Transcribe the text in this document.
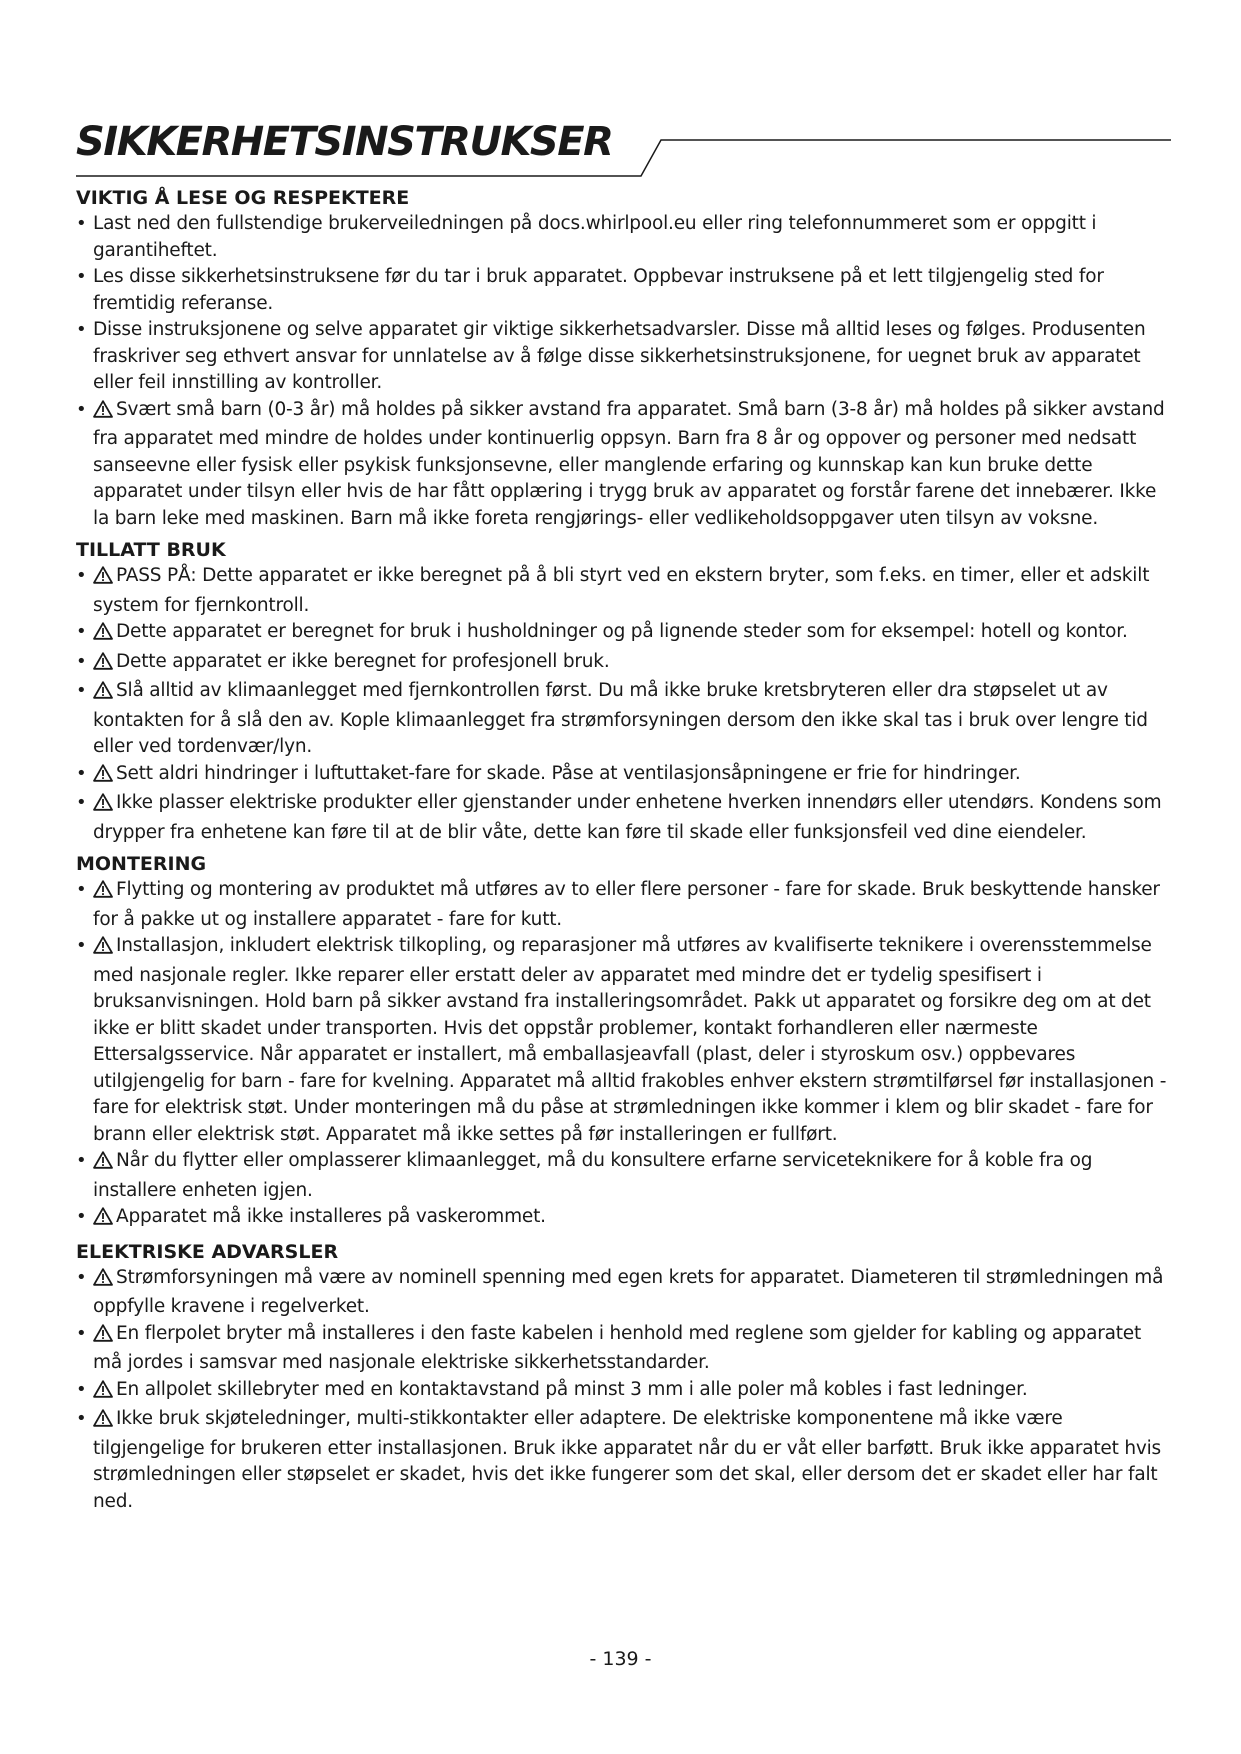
SIKKERHETSINSTRUKSER
VIKTIG Å LESE OG RESPEKTERE
• Last ned den fullstendige brukerveiledningen på docs.whirlpool.eu eller ring telefonnummeret som er oppgitt i garantiheftet.
• Les disse sikkerhetsinstruksene før du tar i bruk apparatet. Oppbevar instruksene på et lett tilgjengelig sted for fremtidig referanse.
• Disse instruksjonene og selve apparatet gir viktige sikkerhetsadvarsler. Disse må alltid leses og følges. Produsenten fraskriver seg ethvert ansvar for unnlatelse av å følge disse sikkerhetsinstruksjonene, for uegnet bruk av apparatet eller feil innstilling av kontroller.
• Svært små barn (0-3 år) må holdes på sikker avstand fra apparatet. Små barn (3-8 år) må holdes på sikker avstand fra apparatet med mindre de holdes under kontinuerlig oppsyn. Barn fra 8 år og oppover og personer med nedsatt sanseevne eller fysisk eller psykisk funksjonsevne, eller manglende erfaring og kunnskap kan kun bruke dette apparatet under tilsyn eller hvis de har fått opplæring i trygg bruk av apparatet og forstår farene det innebærer. Ikke la barn leke med maskinen. Barn må ikke foreta rengjørings- eller vedlikeholdsoppgaver uten tilsyn av voksne.
TILLATT BRUK
• PASS PÅ: Dette apparatet er ikke beregnet på å bli styrt ved en ekstern bryter, som f.eks. en timer, eller et adskilt system for fjernkontroll.
• Dette apparatet er beregnet for bruk i husholdninger og på lignende steder som for eksempel: hotell og kontor.
• Dette apparatet er ikke beregnet for profesjonell bruk.
• Slå alltid av klimaanlegget med fjernkontrollen først. Du må ikke bruke kretsbryteren eller dra støpselet ut av kontakten for å slå den av. Kople klimaanlegget fra strømforsyningen dersom den ikke skal tas i bruk over lengre tid eller ved tordenvær/lyn.
• Sett aldri hindringer i luftuttaket-fare for skade. Påse at ventilasjonsåpningene er frie for hindringer.
• Ikke plasser elektriske produkter eller gjenstander under enhetene hverken innendørs eller utendørs. Kondens som drypper fra enhetene kan føre til at de blir våte, dette kan føre til skade eller funksjonsfeil ved dine eiendeler.
MONTERING
• Flytting og montering av produktet må utføres av to eller flere personer - fare for skade. Bruk beskyttende hansker for å pakke ut og installere apparatet - fare for kutt.
• Installasjon, inkludert elektrisk tilkopling, og reparasjoner må utføres av kvalifiserte teknikere i overensstemmelse med nasjonale regler. Ikke reparer eller erstatt deler av apparatet med mindre det er tydelig spesifisert i bruksanvisningen. Hold barn på sikker avstand fra installeringsområdet. Pakk ut apparatet og forsikre deg om at det ikke er blitt skadet under transporten. Hvis det oppstår problemer, kontakt forhandleren eller nærmeste Ettersalgsservice. Når apparatet er installert, må emballasjeavfall (plast, deler i styroskum osv.) oppbevares utilgjengelig for barn - fare for kvelning. Apparatet må alltid frakobles enhver ekstern strømtilførsel før installasjonen - fare for elektrisk støt. Under monteringen må du påse at strømledningen ikke kommer i klem og blir skadet - fare for brann eller elektrisk støt. Apparatet må ikke settes på før installeringen er fullført.
• Når du flytter eller omplasserer klimaanlegget, må du konsultere erfarne serviceteknikere for å koble fra og installere enheten igjen.
• Apparatet må ikke installeres på vaskerommet.
ELEKTRISKE ADVARSLER
• Strømforsyningen må være av nominell spenning med egen krets for apparatet. Diameteren til strømledningen må oppfylle kravene i regelverket.
• En flerpolet bryter må installeres i den faste kabelen i henhold med reglene som gjelder for kabling og apparatet må jordes i samsvar med nasjonale elektriske sikkerhetsstandarder.
• En allpolet skillebryter med en kontaktavstand på minst 3 mm i alle poler må kobles i fast ledninger.
• Ikke bruk skjøteledninger, multi-stikkontakter eller adaptere. De elektriske komponentene må ikke være tilgjengelige for brukeren etter installasjonen. Bruk ikke apparatet når du er våt eller barføtt. Bruk ikke apparatet hvis strømledningen eller støpselet er skadet, hvis det ikke fungerer som det skal, eller dersom det er skadet eller har falt ned.
- 139 -
